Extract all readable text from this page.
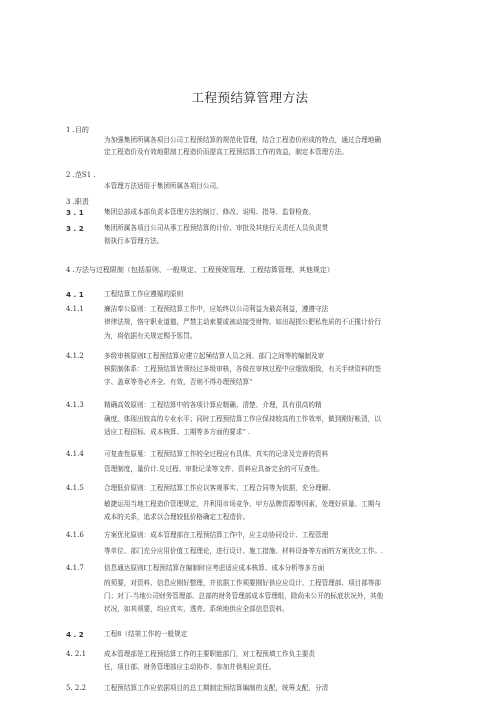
工程预结算管理方法
1 .目的
为加强集团所属各项目公司工程预结算的规范化管理，结合工程造价形成的特点，通过合理地确
定工程造价及有效地限制工程造价而提高工程预结算工作的效益，制定本管理方法。
2 .范S1 .
本管理方法适用于集团所属各项目公司。
3 .职责
3 . 1	集团总部成本部负责本管理方法的制订、修改、说明、指导、监督检查。
3 . 2	集团所属各项目公司从事工程预结算的计价、审批及其他行关责任人员负责贯
彻执行本管理方法。
4 .方法与过程限制（包括原则、一般规定、工程预妮管理、工程结算管理、其他规定）
4 . 1	工程结算工作应遵循的原则
4.1.1	廉洁奉公原则：工程预结算工作中，应始终以公司利益为最高利益，遵遵守法
律律法规，恪守职业道德，严禁主动索要或被动接受财物。如出现损公肥私性质的不正揽计价行
为，将依据有关规定赐予惩罚。
4.1.2	多级审核原则I工程预结算应建立起殛结算人员之间、部门之间等的编制及审
核限制体系：工程预结算皆须经过多级审核，各级在审核过程中应细致细致，有关手续资料的签
字、盖章等务必齐全、有效，否则不得办理预结算“
4.1.3	精确高效原则：工程结算中的各项计算应精确、清楚、介理，具有很高的精
确度，体现出较高的专业水平；同时工程预结算工作应保持较高的工作效率，做到刚好帐清，以
适应工程招标、成本核算、工期等多方面的要求” .
4.1.4	可复查性原戛：工程预结算工作的全过程应有具体、真实的记录及完善的资料
管理制度，量价计.兑过程、审批记录等文件、资料应具备完全的可互查性。
4.1.5	合理低价原则：工程预结算工作应以客观事实、工程合同等为依据，充分理解、
敏捷运用当地工程造价管理规定，并利用市场竞争、甲方品牌资源等因素，处理好质量、工期与
成本的关系，追求以合理较低价格确定工程造价。
4.1.6	方案优化原则：成本管理部在工程预结算工作中，应主动协同设计、工程管理
等单位、部门充分应用价值工程理论，进行设计、施工措施、材料设备等方面的方案优化工作。.
4.1.7	信息通达原则I工程预结算在编制时应考虑适应成本核算、成本分析等多方面
的须要，对资料、信息应刚好整理，并依据工作须要刚好供应应设计、工程管理部、项目部等部
门；对丁-当地公司财务管理部、总部的财务管理部成本管理组，除尚未公开的标底状况外，其他
状况，如其须要，均应真实、透亮、系统地供应全部信息资料。
4 . 2	工程8（结第工作的一般规定
4. 2.1	成本管理部是工程预结算工作的主要职能部门，对工程预填工作负主要责
任，项目部、财务管理部应主动协作、参加并供相应责任。
5. 2.2	工程预结算工作应依据项目的总工期制定预结算编制的支配，统筹支配，分清
